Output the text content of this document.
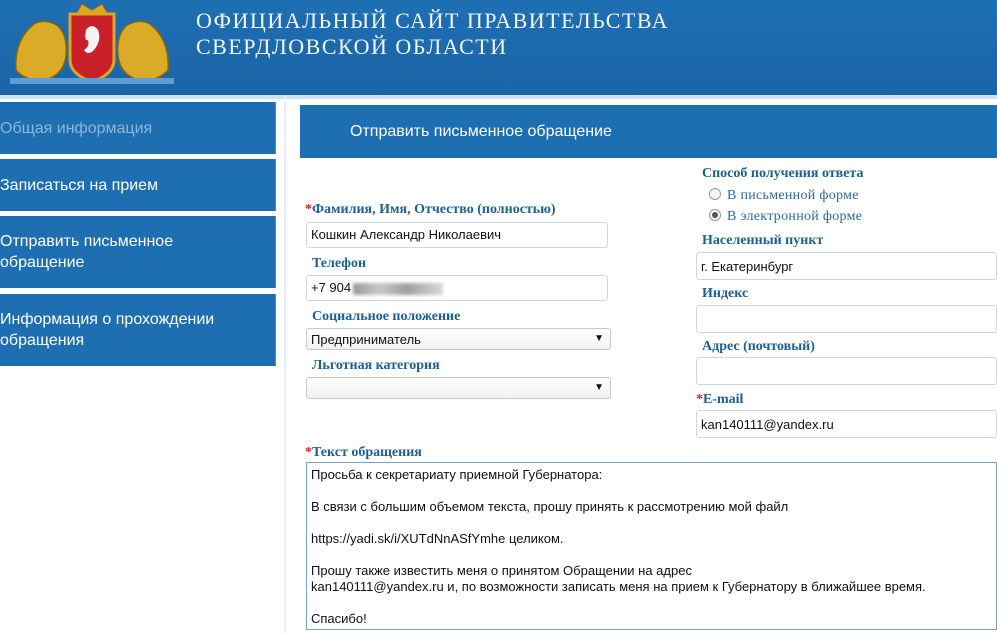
ОФИЦИАЛЬНЫЙ САЙТ ПРАВИТЕЛЬСТВА
СВЕРДЛОВСКОЙ ОБЛАСТИ
Общая информация
Записаться на прием
Отправить письменное
обращение
Информация о прохождении
обращения
Отправить письменное обращение
*Фамилия, Имя, Отчество (полностью)
Кошкин Александр Николаевич
Телефон
+7 904
Социальное положение
Предприниматель	▼
Льготная категория
▼
Способ получения ответа
В письменной форме
В электронной форме
Населенный пункт
г. Екатеринбург
Индекс
Адрес (почтовый)
*E-mail
kan140111@yandex.ru
*Текст обращения
Просьба к секретариату приемной Губернатора:

В связи с большим объемом текста, прошу принять к рассмотрению мой файл

https://yadi.sk/i/XUTdNnASfYmhe целиком.

Прошу также известить меня о принятом Обращении на адрес
kan140111@yandex.ru и, по возможности записать меня на прием к Губернатору в ближайшее время.

Спасибо!
